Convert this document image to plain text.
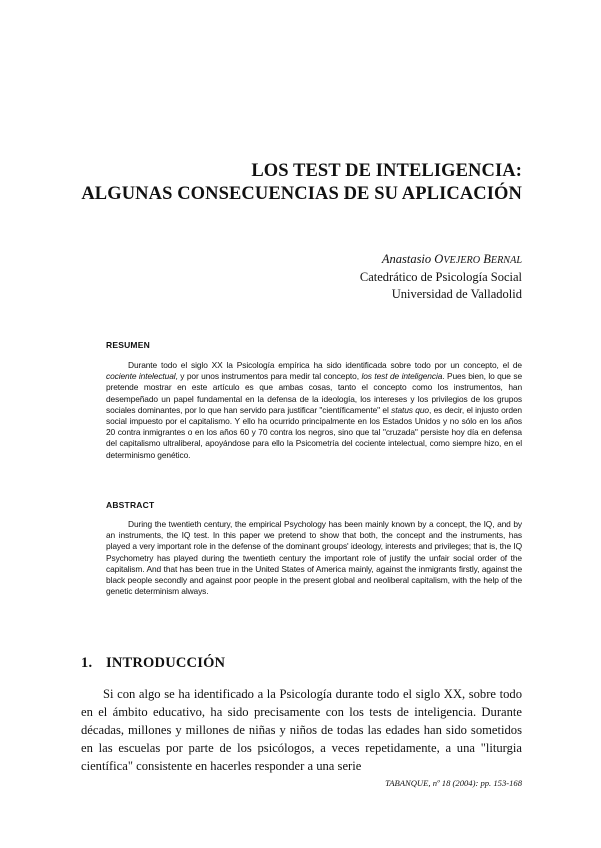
LOS TEST DE INTELIGENCIA:
ALGUNAS CONSECUENCIAS DE SU APLICACIÓN
Anastasio OVEJERO BERNAL
Catedrático de Psicología Social
Universidad de Valladolid
RESUMEN
Durante todo el siglo XX la Psicología empírica ha sido identificada sobre todo por un concepto, el de cociente intelectual, y por unos instrumentos para medir tal concepto, los test de inteligencia. Pues bien, lo que se pretende mostrar en este artículo es que ambas cosas, tanto el concepto como los instrumentos, han desempeñado un papel fundamental en la defensa de la ideología, los intereses y los privilegios de los grupos sociales dominantes, por lo que han servido para justificar "científicamente" el status quo, es decir, el injusto orden social impuesto por el capitalismo. Y ello ha ocurrido principalmente en los Estados Unidos y no sólo en los años 20 contra inmigrantes o en los años 60 y 70 contra los negros, sino que tal "cruzada" persiste hoy día en defensa del capitalismo ultraliberal, apoyándose para ello la Psicometría del cociente intelectual, como siempre hizo, en el determinismo genético.
ABSTRACT
During the twentieth century, the empirical Psychology has been mainly known by a concept, the IQ, and by an instruments, the IQ test. In this paper we pretend to show that both, the concept and the instruments, has played a very important role in the defense of the dominant groups' ideology, interests and privileges; that is, the IQ Psychometry has played during the twentieth century the important role of justify the unfair social order of the capitalism. And that has been true in the United States of America mainly, against the inmigrants firstly, against the black people secondly and against poor people in the present global and neoliberal capitalism, with the help of the genetic determinism always.
1. INTRODUCCIÓN
Si con algo se ha identificado a la Psicología durante todo el siglo XX, sobre todo en el ámbito educativo, ha sido precisamente con los tests de inteligencia. Durante décadas, millones y millones de niñas y niños de todas las edades han sido sometidos en las escuelas por parte de los psicólogos, a veces repetidamente, a una "liturgia científica" consistente en hacerles responder a una serie
TABANQUE, nº 18 (2004): pp. 153-168
